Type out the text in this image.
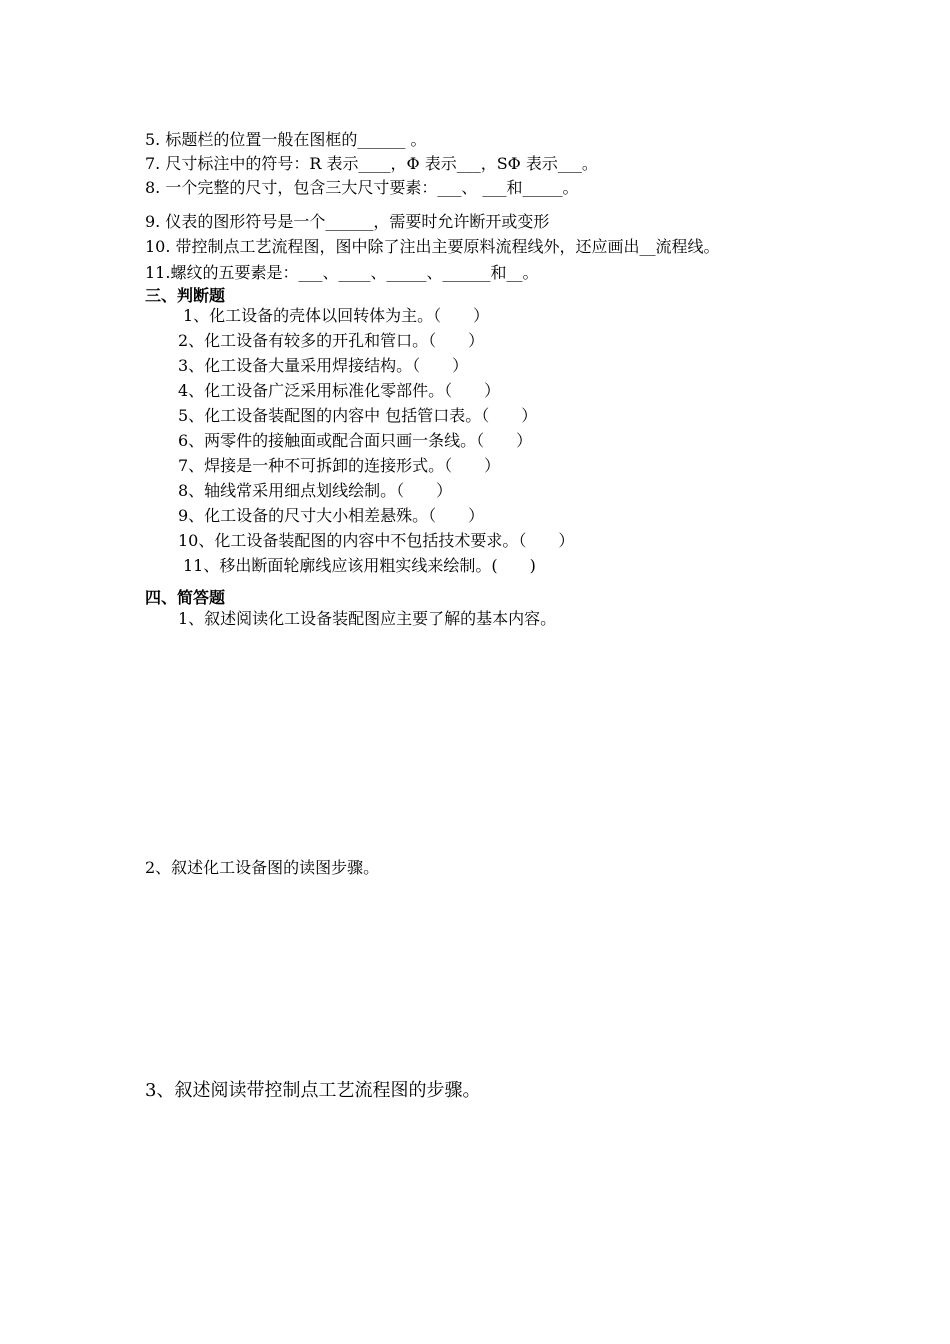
5. 标题栏的位置一般在图框的______ 。
7. 尺寸标注中的符号：R 表示____，Φ 表示___，SΦ 表示___。
8. 一个完整的尺寸，包含三大尺寸要素：___、 ___和_____。
9. 仪表的图形符号是一个______，需要时允许断开或变形
10. 带控制点工艺流程图，图中除了注出主要原料流程线外，还应画出__流程线。
11.螺纹的五要素是：___、____、_____、______和__。
三、判断题
1、化工设备的壳体以回转体为主。（　　）
2、化工设备有较多的开孔和管口。（　　）
3、化工设备大量采用焊接结构。（　　）
4、化工设备广泛采用标准化零部件。（　　）
5、化工设备装配图的内容中 包括管口表。（　　）
6、两零件的接触面或配合面只画一条线。（　　）
7、焊接是一种不可拆卸的连接形式。（　　）
8、轴线常采用细点划线绘制。（　　）
9、化工设备的尺寸大小相差悬殊。（　　）
10、化工设备装配图的内容中不包括技术要求。（　　）
11、移出断面轮廓线应该用粗实线来绘制。(　　)
四、简答题
1、叙述阅读化工设备装配图应主要了解的基本内容。
2、叙述化工设备图的读图步骤。
3、叙述阅读带控制点工艺流程图的步骤。
